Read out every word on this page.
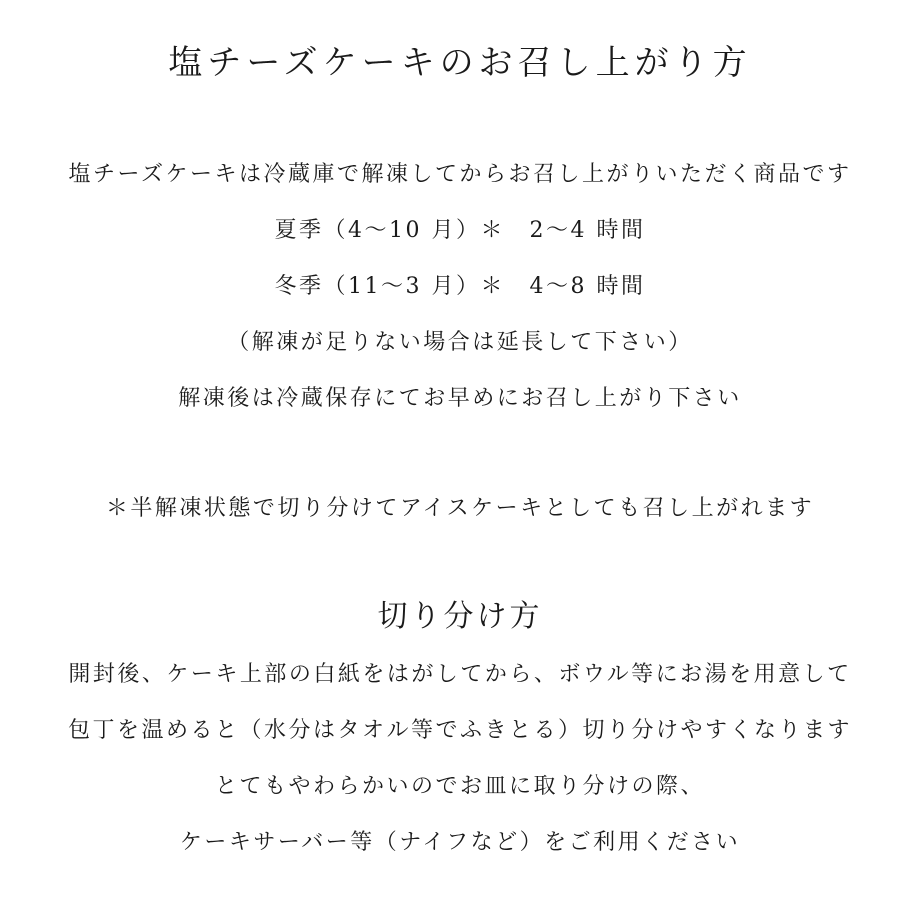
塩チーズケーキのお召し上がり方
塩チーズケーキは冷蔵庫で解凍してからお召し上がりいただく商品です
夏季（4～10 月）＊　2～4 時間
冬季（11～3 月）＊　4～8 時間
（解凍が足りない場合は延長して下さい）
解凍後は冷蔵保存にてお早めにお召し上がり下さい
＊半解凍状態で切り分けてアイスケーキとしても召し上がれます
切り分け方
開封後、ケーキ上部の白紙をはがしてから、ボウル等にお湯を用意して
包丁を温めると（水分はタオル等でふきとる）切り分けやすくなります
とてもやわらかいのでお皿に取り分けの際、
ケーキサーバー等（ナイフなど）をご利用ください
